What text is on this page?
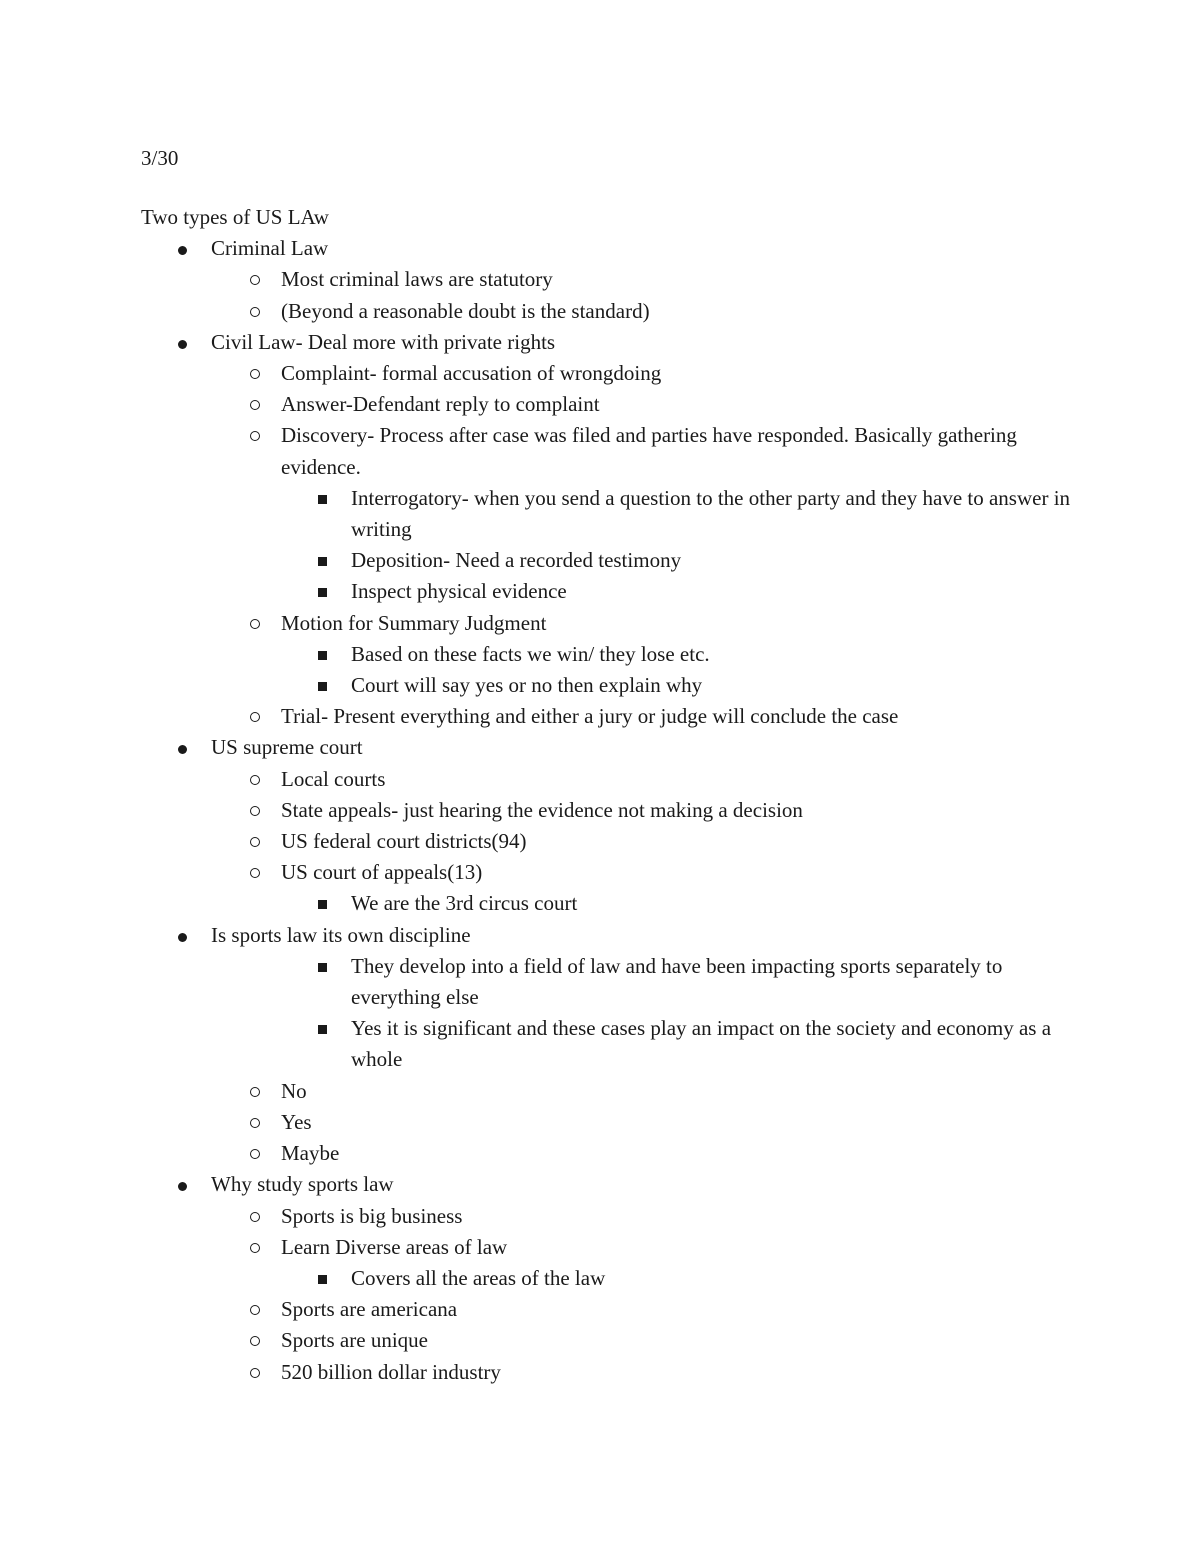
3/30

Two types of US LAw

Criminal Law
Most criminal laws are statutory
(Beyond a reasonable doubt is the standard)
Civil Law- Deal more with private rights
Complaint- formal accusation of wrongdoing
Answer-Defendant reply to complaint
Discovery- Process after case was filed and parties have responded. Basically gathering evidence.
Interrogatory- when you send a question to the other party and they have to answer in writing
Deposition- Need a recorded testimony
Inspect physical evidence
Motion for Summary Judgment
Based on these facts we win/ they lose etc.
Court will say yes or no then explain why
Trial- Present everything and either a jury or judge will conclude the case
US supreme court
Local courts
State appeals- just hearing the evidence not making a decision
US federal court districts(94)
US court of appeals(13)
We are the 3rd circus court
Is sports law its own discipline
They develop into a field of law and have been impacting sports separately to everything else
Yes it is significant and these cases play an impact on the society and economy as a whole
No
Yes
Maybe
Why study sports law
Sports is big business
Learn Diverse areas of law
Covers all the areas of the law
Sports are americana
Sports are unique
520 billion dollar industry
